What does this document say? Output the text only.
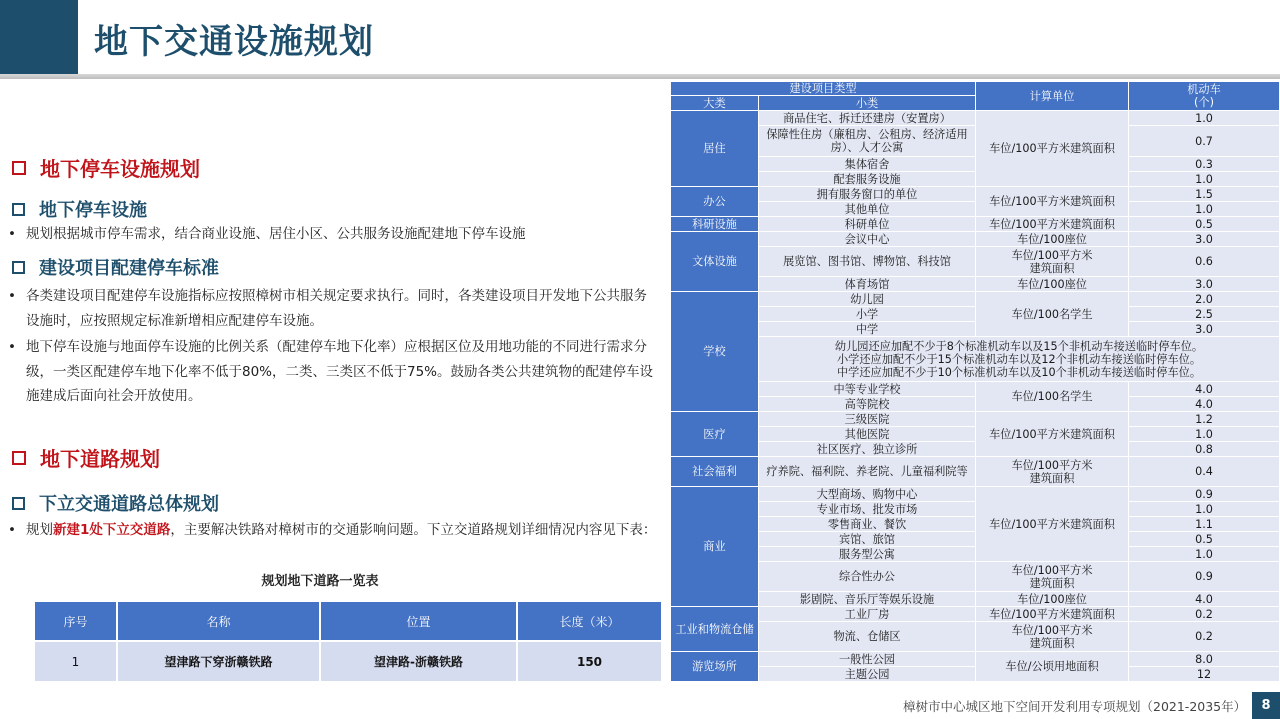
地下交通设施规划
地下停车设施规划
地下停车设施
• 规划根据城市停车需求，结合商业设施、居住小区、公共服务设施配建地下停车设施
建设项目配建停车标准
• 各类建设项目配建停车设施指标应按照樟树市相关规定要求执行。同时，各类建设项目开发地下公共服务设施时，应按照规定标准新增相应配建停车设施。
• 地下停车设施与地面停车设施的比例关系（配建停车地下化率）应根据区位及用地功能的不同进行需求分级，一类区配建停车地下化率不低于80%，二类、三类区不低于75%。鼓励各类公共建筑物的配建停车设施建成后面向社会开放使用。
地下道路规划
下立交通道路总体规划
• 规划新建1处下立交道路，主要解决铁路对樟树市的交通影响问题。下立交道路规划详细情况内容见下表：
规划地下道路一览表
序号	名称	位置	长度（米）
1	望津路下穿浙赣铁路	望津路-浙赣铁路	150
建设项目类型		计算单位	机动车
(个)
大类	小类		
居住	商品住宅、拆迁还建房（安置房）	车位/100平方米建筑面积	1.0
	保障性住房（廉租房、公租房、经济适用房）、人才公寓		0.7
	集体宿舍		0.3
	配套服务设施		1.0
办公	拥有服务窗口的单位	车位/100平方米建筑面积	1.5
	其他单位		1.0
科研设施	科研单位	车位/100平方米建筑面积	0.5
文体设施	会议中心	车位/100座位	3.0
	展览馆、图书馆、博物馆、科技馆	车位/100平方米
建筑面积	0.6
	体育场馆	车位/100座位	3.0
学校	幼儿园	车位/100名学生	2.0
	小学		2.5
	中学		3.0
	幼儿园还应加配不少于8个标准机动车以及15个非机动车接送临时停车位。
小学还应加配不少于15个标准机动车以及12个非机动车接送临时停车位。
中学还应加配不少于10个标准机动车以及10个非机动车接送临时停车位。		
	中等专业学校	车位/100名学生	4.0
	高等院校		4.0

医疗	三级医院	车位/100平方米建筑面积	1.2
	其他医院		1.0
	社区医疗、独立诊所		0.8
社会福利	疗养院、福利院、养老院、儿童福利院等	车位/100平方米
建筑面积	0.4
商业	大型商场、购物中心	车位/100平方米建筑面积	0.9
	专业市场、批发市场		1.0
	零售商业、餐饮		1.1
	宾馆、旅馆		0.5
	服务型公寓		1.0
	综合性办公	车位/100平方米
建筑面积	0.9
	影剧院、音乐厅等娱乐设施	车位/100座位	4.0
工业和物流仓储	工业厂房	车位/100平方米建筑面积	0.2
	物流、仓储区	车位/100平方米
建筑面积	0.2
游览场所	一般性公园	车位/公顷用地面积	8.0
	主题公园		12
樟树市中心城区地下空间开发利用专项规划（2021-2035年）	8
